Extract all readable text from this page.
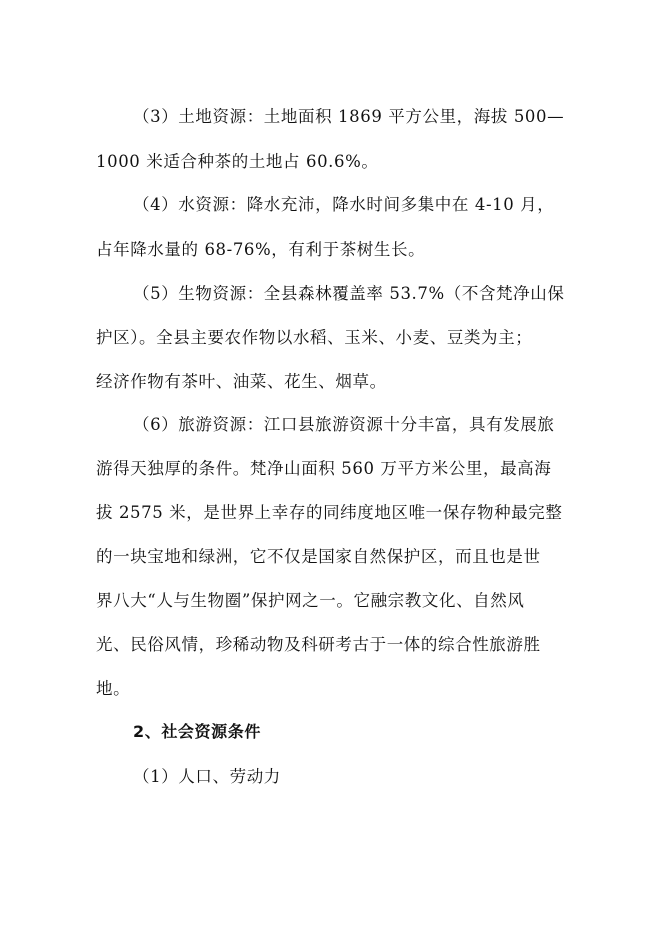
（3）土地资源：土地面积 1869 平方公里，海拔 500—
1000 米适合种茶的土地占 60.6%。
（4）水资源：降水充沛，降水时间多集中在 4-10 月，
占年降水量的 68-76%，有利于茶树生长。
（5）生物资源：全县森林覆盖率 53.7%（不含梵净山保
护区）。全县主要农作物以水稻、玉米、小麦、豆类为主；
经济作物有茶叶、油菜、花生、烟草。
（6）旅游资源：江口县旅游资源十分丰富，具有发展旅
游得天独厚的条件。梵净山面积 560 万平方米公里，最高海
拔 2575 米，是世界上幸存的同纬度地区唯一保存物种最完整
的一块宝地和绿洲，它不仅是国家自然保护区，而且也是世
界八大“人与生物圈”保护网之一。它融宗教文化、自然风
光、民俗风情，珍稀动物及科研考古于一体的综合性旅游胜
地。
2、社会资源条件
（1）人口、劳动力
